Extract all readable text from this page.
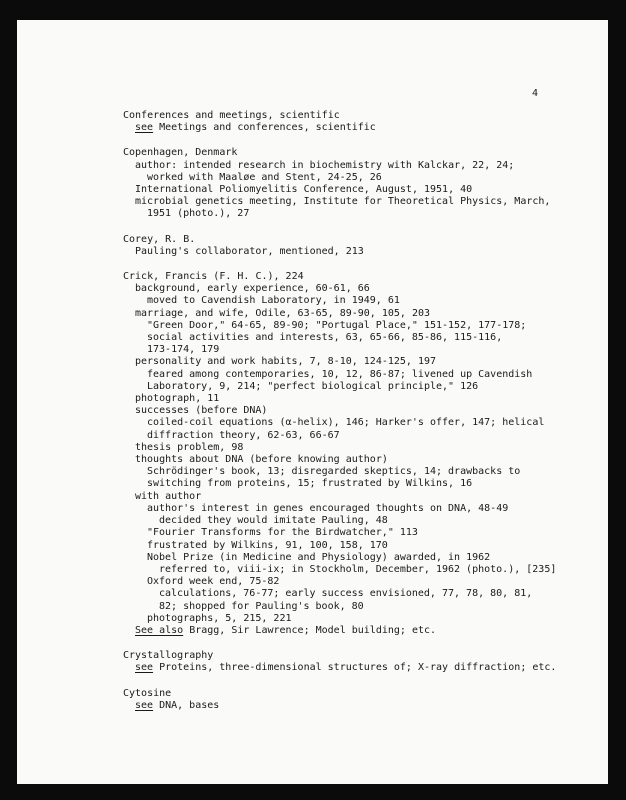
4
Conferences and meetings, scientific
see Meetings and conferences, scientific
Copenhagen, Denmark
author: intended research in biochemistry with Kalckar, 22, 24;
worked with Maaløe and Stent, 24-25, 26
International Poliomyelitis Conference, August, 1951, 40
microbial genetics meeting, Institute for Theoretical Physics, March,
1951 (photo.), 27
Corey, R. B.
Pauling's collaborator, mentioned, 213
Crick, Francis (F. H. C.), 224
background, early experience, 60-61, 66
moved to Cavendish Laboratory, in 1949, 61
marriage, and wife, Odile, 63-65, 89-90, 105, 203
"Green Door," 64-65, 89-90; "Portugal Place," 151-152, 177-178;
social activities and interests, 63, 65-66, 85-86, 115-116,
173-174, 179
personality and work habits, 7, 8-10, 124-125, 197
feared among contemporaries, 10, 12, 86-87; livened up Cavendish
Laboratory, 9, 214; "perfect biological principle," 126
photograph, 11
successes (before DNA)
coiled-coil equations (α-helix), 146; Harker's offer, 147; helical
diffraction theory, 62-63, 66-67
thesis problem, 98
thoughts about DNA (before knowing author)
Schrödinger's book, 13; disregarded skeptics, 14; drawbacks to
switching from proteins, 15; frustrated by Wilkins, 16
with author
author's interest in genes encouraged thoughts on DNA, 48-49
decided they would imitate Pauling, 48
"Fourier Transforms for the Birdwatcher," 113
frustrated by Wilkins, 91, 100, 158, 170
Nobel Prize (in Medicine and Physiology) awarded, in 1962
referred to, viii-ix; in Stockholm, December, 1962 (photo.), [235]
Oxford week end, 75-82
calculations, 76-77; early success envisioned, 77, 78, 80, 81,
82; shopped for Pauling's book, 80
photographs, 5, 215, 221
See also Bragg, Sir Lawrence; Model building; etc.
Crystallography
see Proteins, three-dimensional structures of; X-ray diffraction; etc.
Cytosine
see DNA, bases
